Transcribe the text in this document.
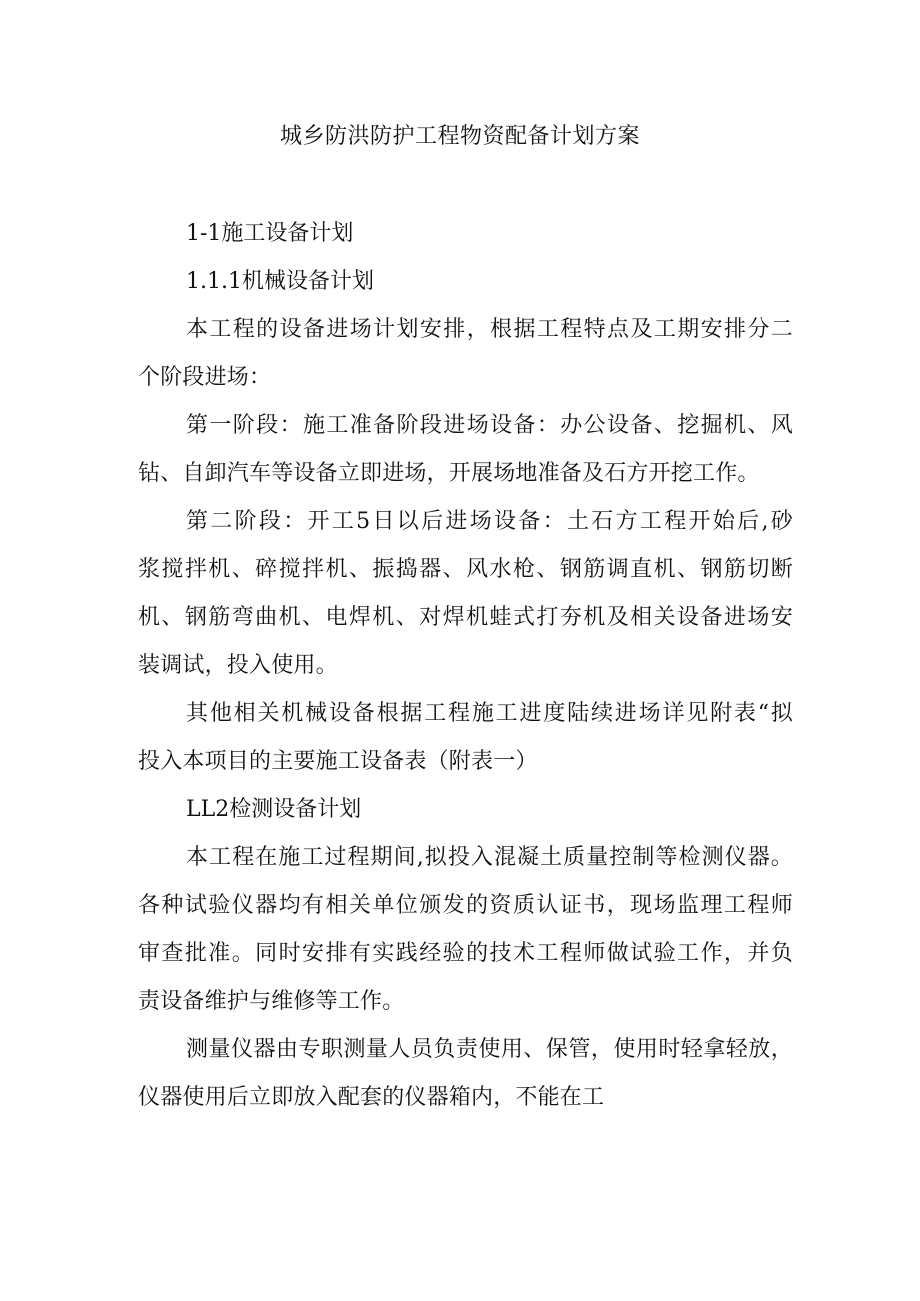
城乡防洪防护工程物资配备计划方案

1-1施工设备计划

1.1.1机械设备计划

本工程的设备进场计划安排，根据工程特点及工期安排分二
个阶段进场：

第一阶段：施工准备阶段进场设备：办公设备、挖掘机、风
钻、自卸汽车等设备立即进场，开展场地准备及石方开挖工作。

第二阶段：开工5日以后进场设备：土石方工程开始后,砂
浆搅拌机、碎搅拌机、振捣器、风水枪、钢筋调直机、钢筋切断
机、钢筋弯曲机、电焊机、对焊机蛙式打夯机及相关设备进场安
装调试，投入使用。

其他相关机械设备根据工程施工进度陆续进场详见附表“拟
投入本项目的主要施工设备表（附表一）

LL2检测设备计划

本工程在施工过程期间,拟投入混凝土质量控制等检测仪器。
各种试验仪器均有相关单位颁发的资质认证书，现场监理工程师
审查批准。同时安排有实践经验的技术工程师做试验工作，并负
责设备维护与维修等工作。

测量仪器由专职测量人员负责使用、保管，使用时轻拿轻放，
仪器使用后立即放入配套的仪器箱内，不能在工
